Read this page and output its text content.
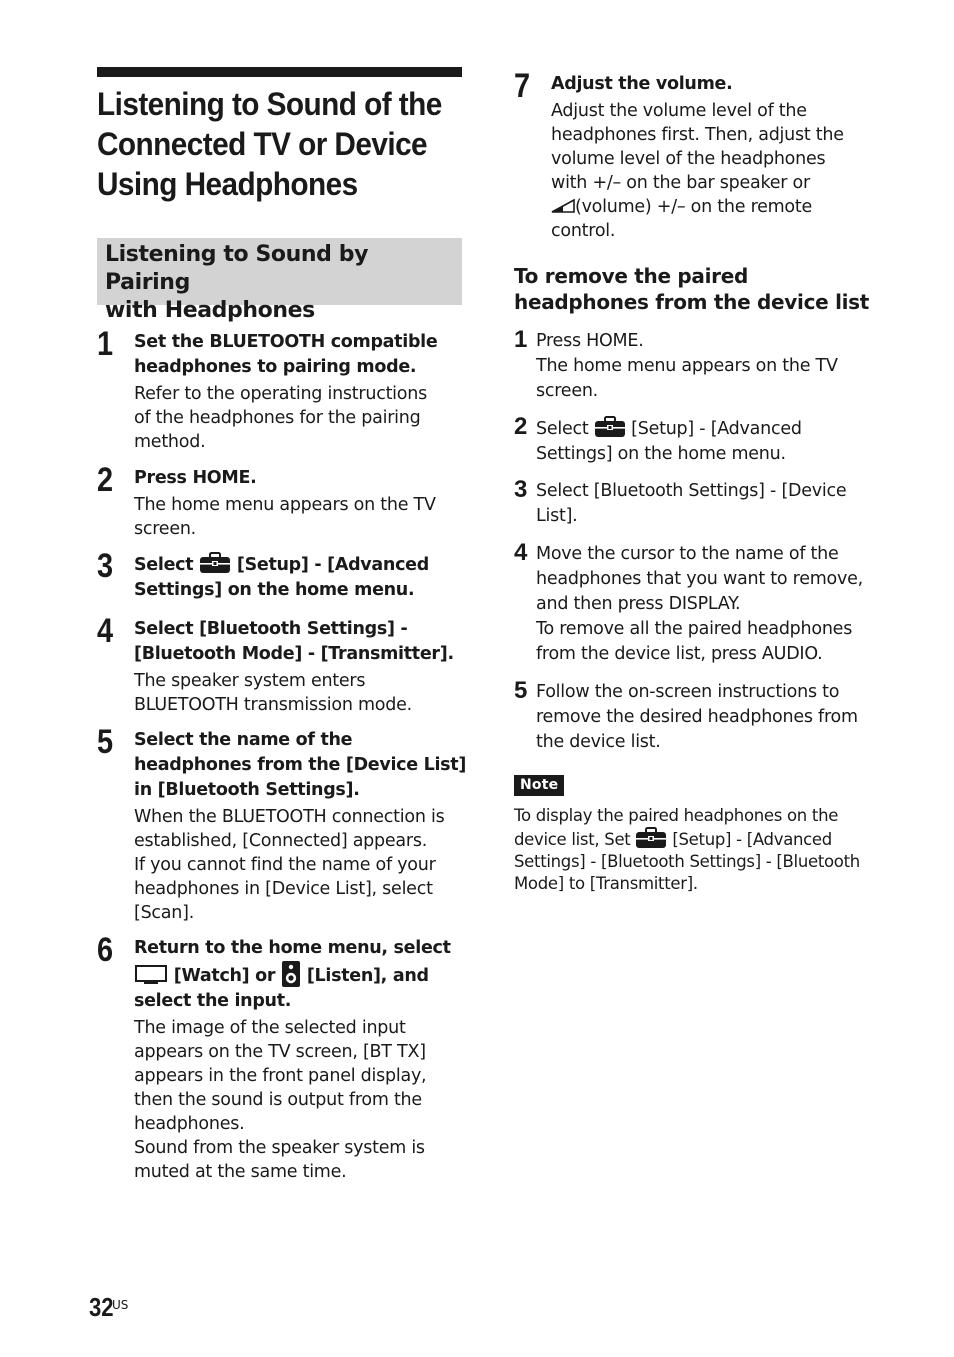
Listening to Sound of the
Connected TV or Device
Using Headphones
Listening to Sound by Pairing
with Headphones
1 Set the BLUETOOTH compatible
headphones to pairing mode.

Refer to the operating instructions
of the headphones for the pairing
method.

2 Press HOME.

The home menu appears on the TV
screen.

3 Select [Setup] - [Advanced
Settings] on the home menu.

4 Select [Bluetooth Settings] -
[Bluetooth Mode] - [Transmitter].

The speaker system enters
BLUETOOTH transmission mode.

5 Select the name of the
headphones from the [Device List]
in [Bluetooth Settings].

When the BLUETOOTH connection is
established, [Connected] appears.
If you cannot find the name of your
headphones in [Device List], select
[Scan].

6 Return to the home menu, select
[Watch] or [Listen], and
select the input.

The image of the selected input
appears on the TV screen, [BT TX]
appears in the front panel display,
then the sound is output from the
headphones.
Sound from the speaker system is
muted at the same time.

7 Adjust the volume.

Adjust the volume level of the
headphones first. Then, adjust the
volume level of the headphones
with +/– on the bar speaker or
(volume) +/– on the remote
control.

To remove the paired
headphones from the device list
1 Press HOME.
The home menu appears on the TV
screen.
2 Select [Setup] - [Advanced
Settings] on the home menu.
3 Select [Bluetooth Settings] - [Device
List].
4 Move the cursor to the name of the
headphones that you want to remove,
and then press DISPLAY.
To remove all the paired headphones
from the device list, press AUDIO.
5 Follow the on-screen instructions to
remove the desired headphones from
the device list.
Note

To display the paired headphones on the
device list, Set	[Setup] - [Advanced
Settings] - [Bluetooth Settings] - [Bluetooth
Mode] to [Transmitter].

32
US
